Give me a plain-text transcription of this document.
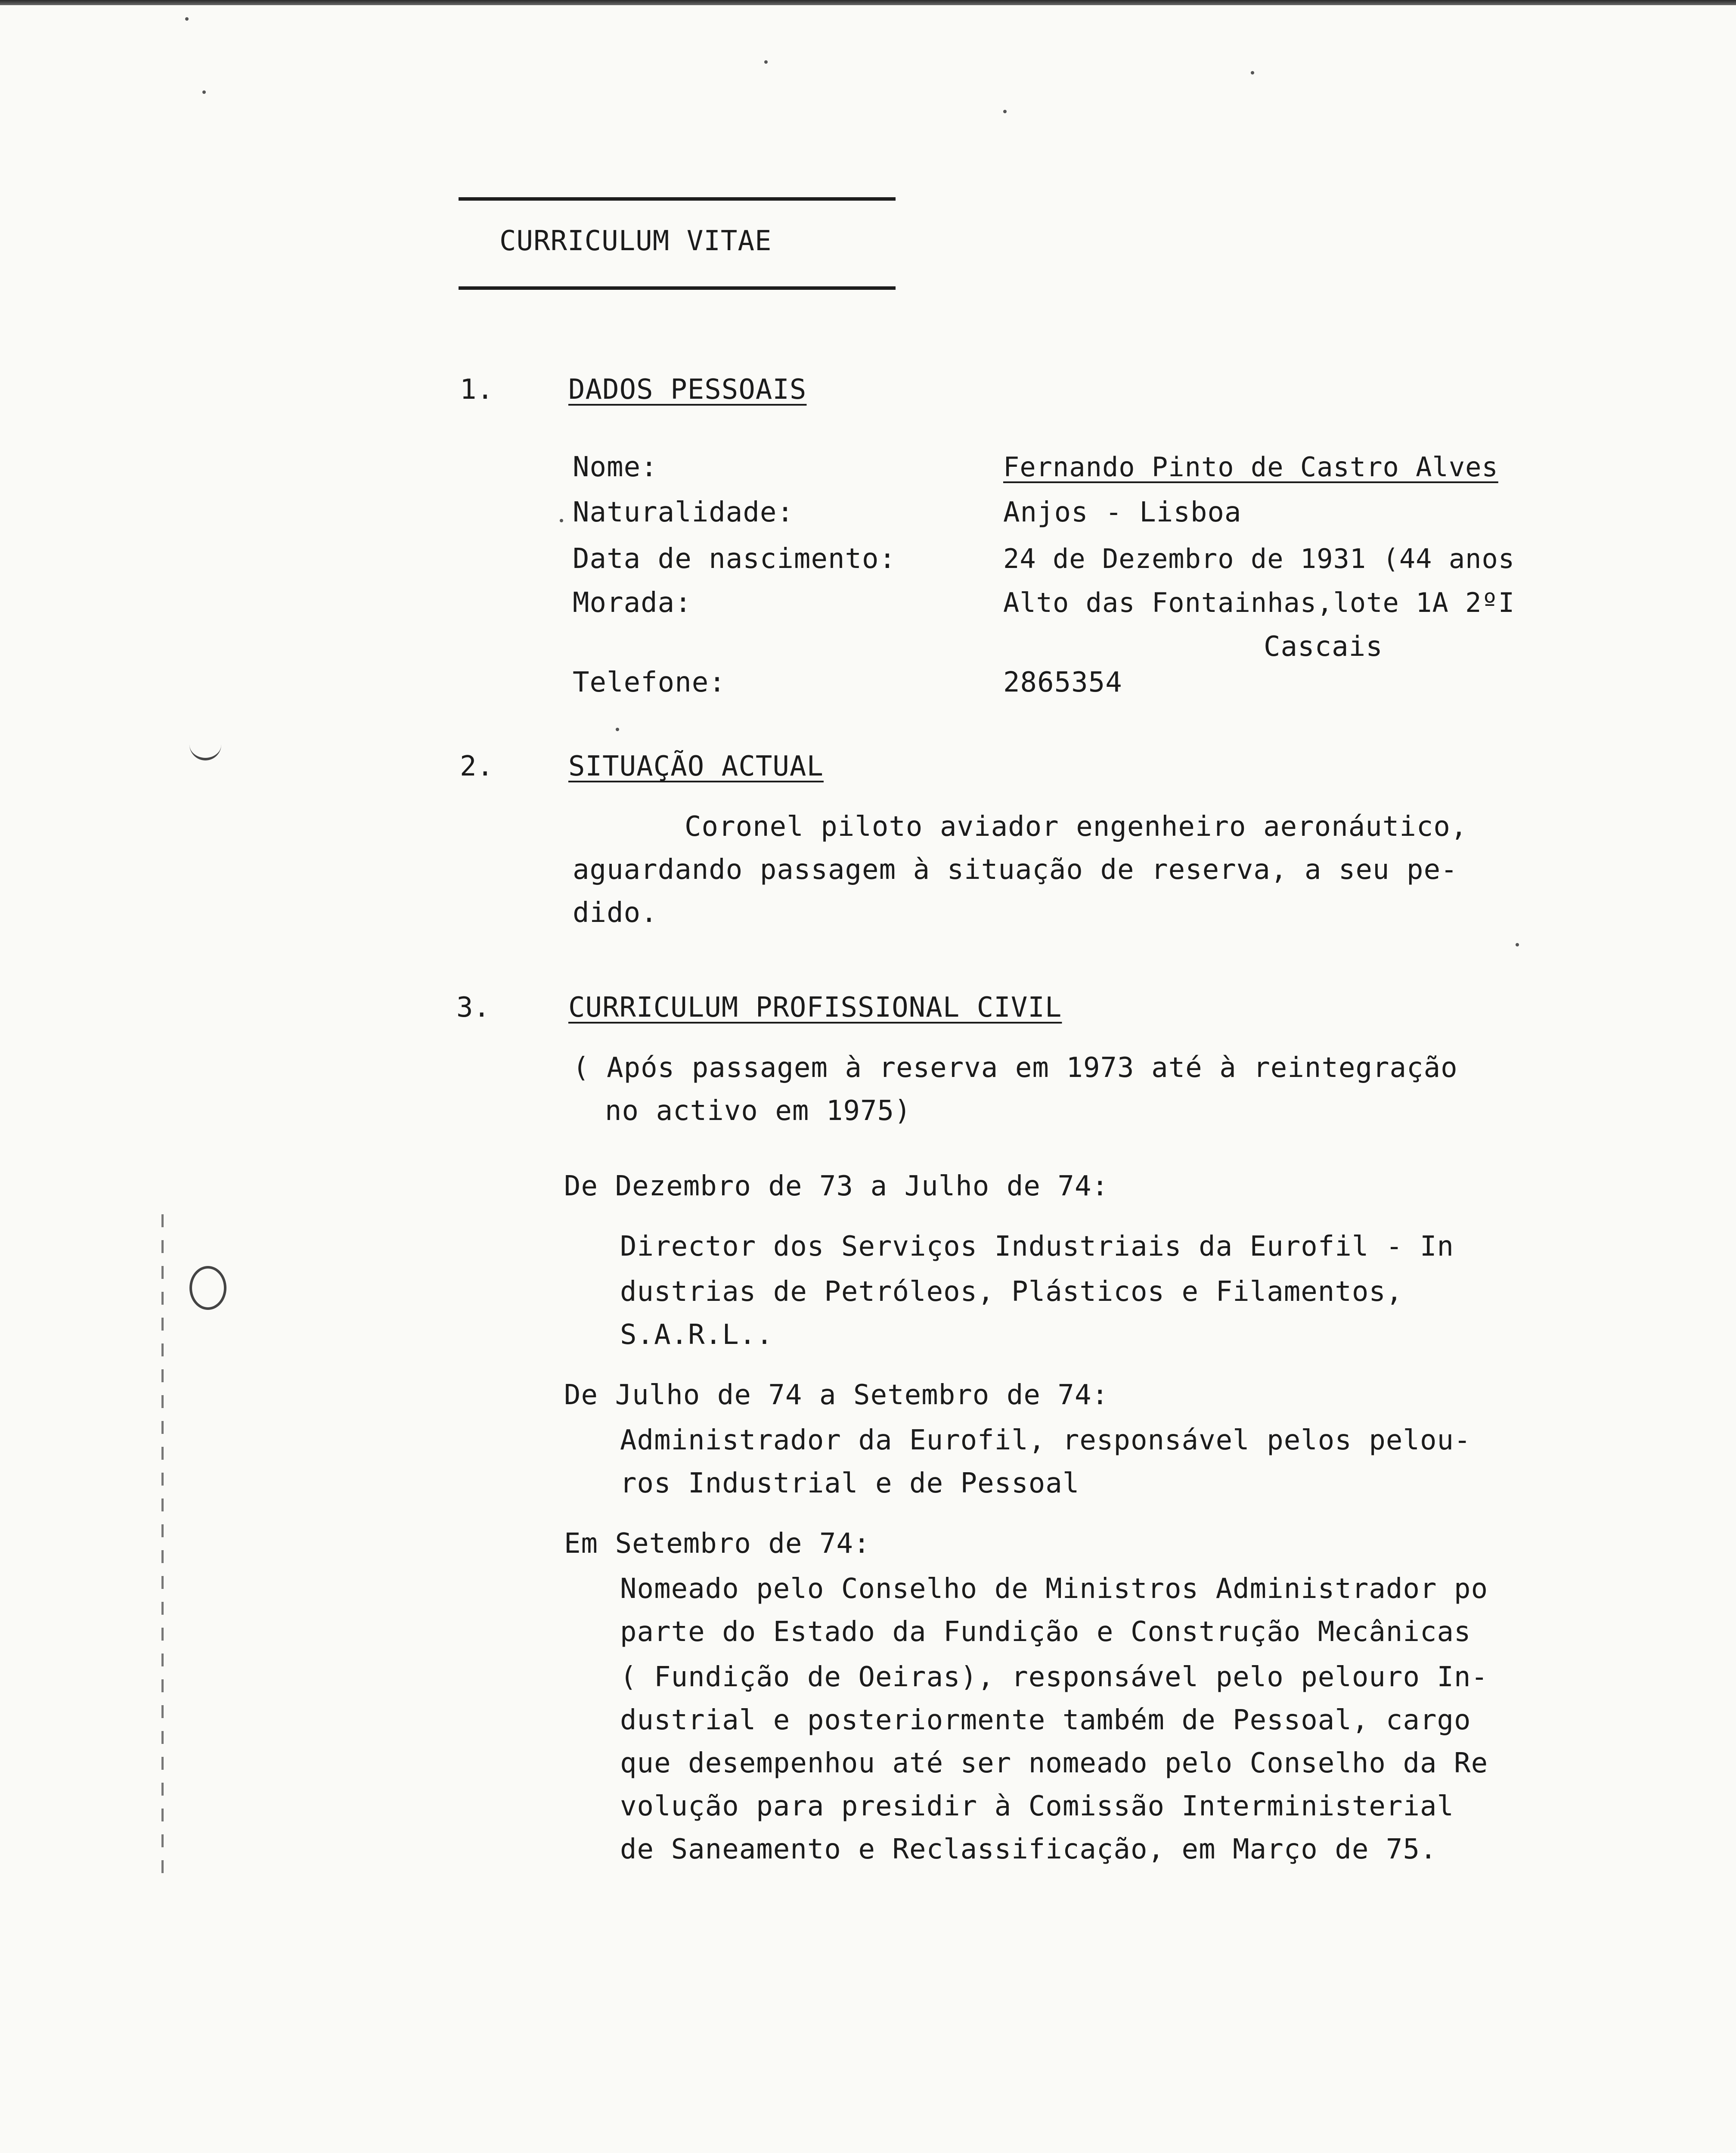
CURRICULUM VITAE
1.	DADOS PESSOAIS
Nome:	Fernando Pinto de Castro Alves
Naturalidade:	Anjos - Lisboa
Data de nascimento:	24 de Dezembro de 1931 (44 anos
Morada:	Alto das Fontainhas,lote 1A 2ºI
Cascais
Telefone:	2865354
2.	SITUAÇÃO ACTUAL
Coronel piloto aviador engenheiro aeronáutico,
aguardando passagem à situação de reserva, a seu pe-
dido.
3.	CURRICULUM PROFISSIONAL CIVIL
( Após passagem à reserva em 1973 até à reintegração
no activo em 1975)
De Dezembro de 73 a Julho de 74:
Director dos Serviços Industriais da Eurofil - In
dustrias de Petróleos, Plásticos e Filamentos,
S.A.R.L..
De Julho de 74 a Setembro de 74:
Administrador da Eurofil, responsável pelos pelou-
ros Industrial e de Pessoal
Em Setembro de 74:
Nomeado pelo Conselho de Ministros Administrador po
parte do Estado da Fundição e Construção Mecânicas
( Fundição de Oeiras), responsável pelo pelouro In-
dustrial e posteriormente também de Pessoal, cargo
que desempenhou até ser nomeado pelo Conselho da Re
volução para presidir à Comissão Interministerial
de Saneamento e Reclassificação, em Março de 75.
